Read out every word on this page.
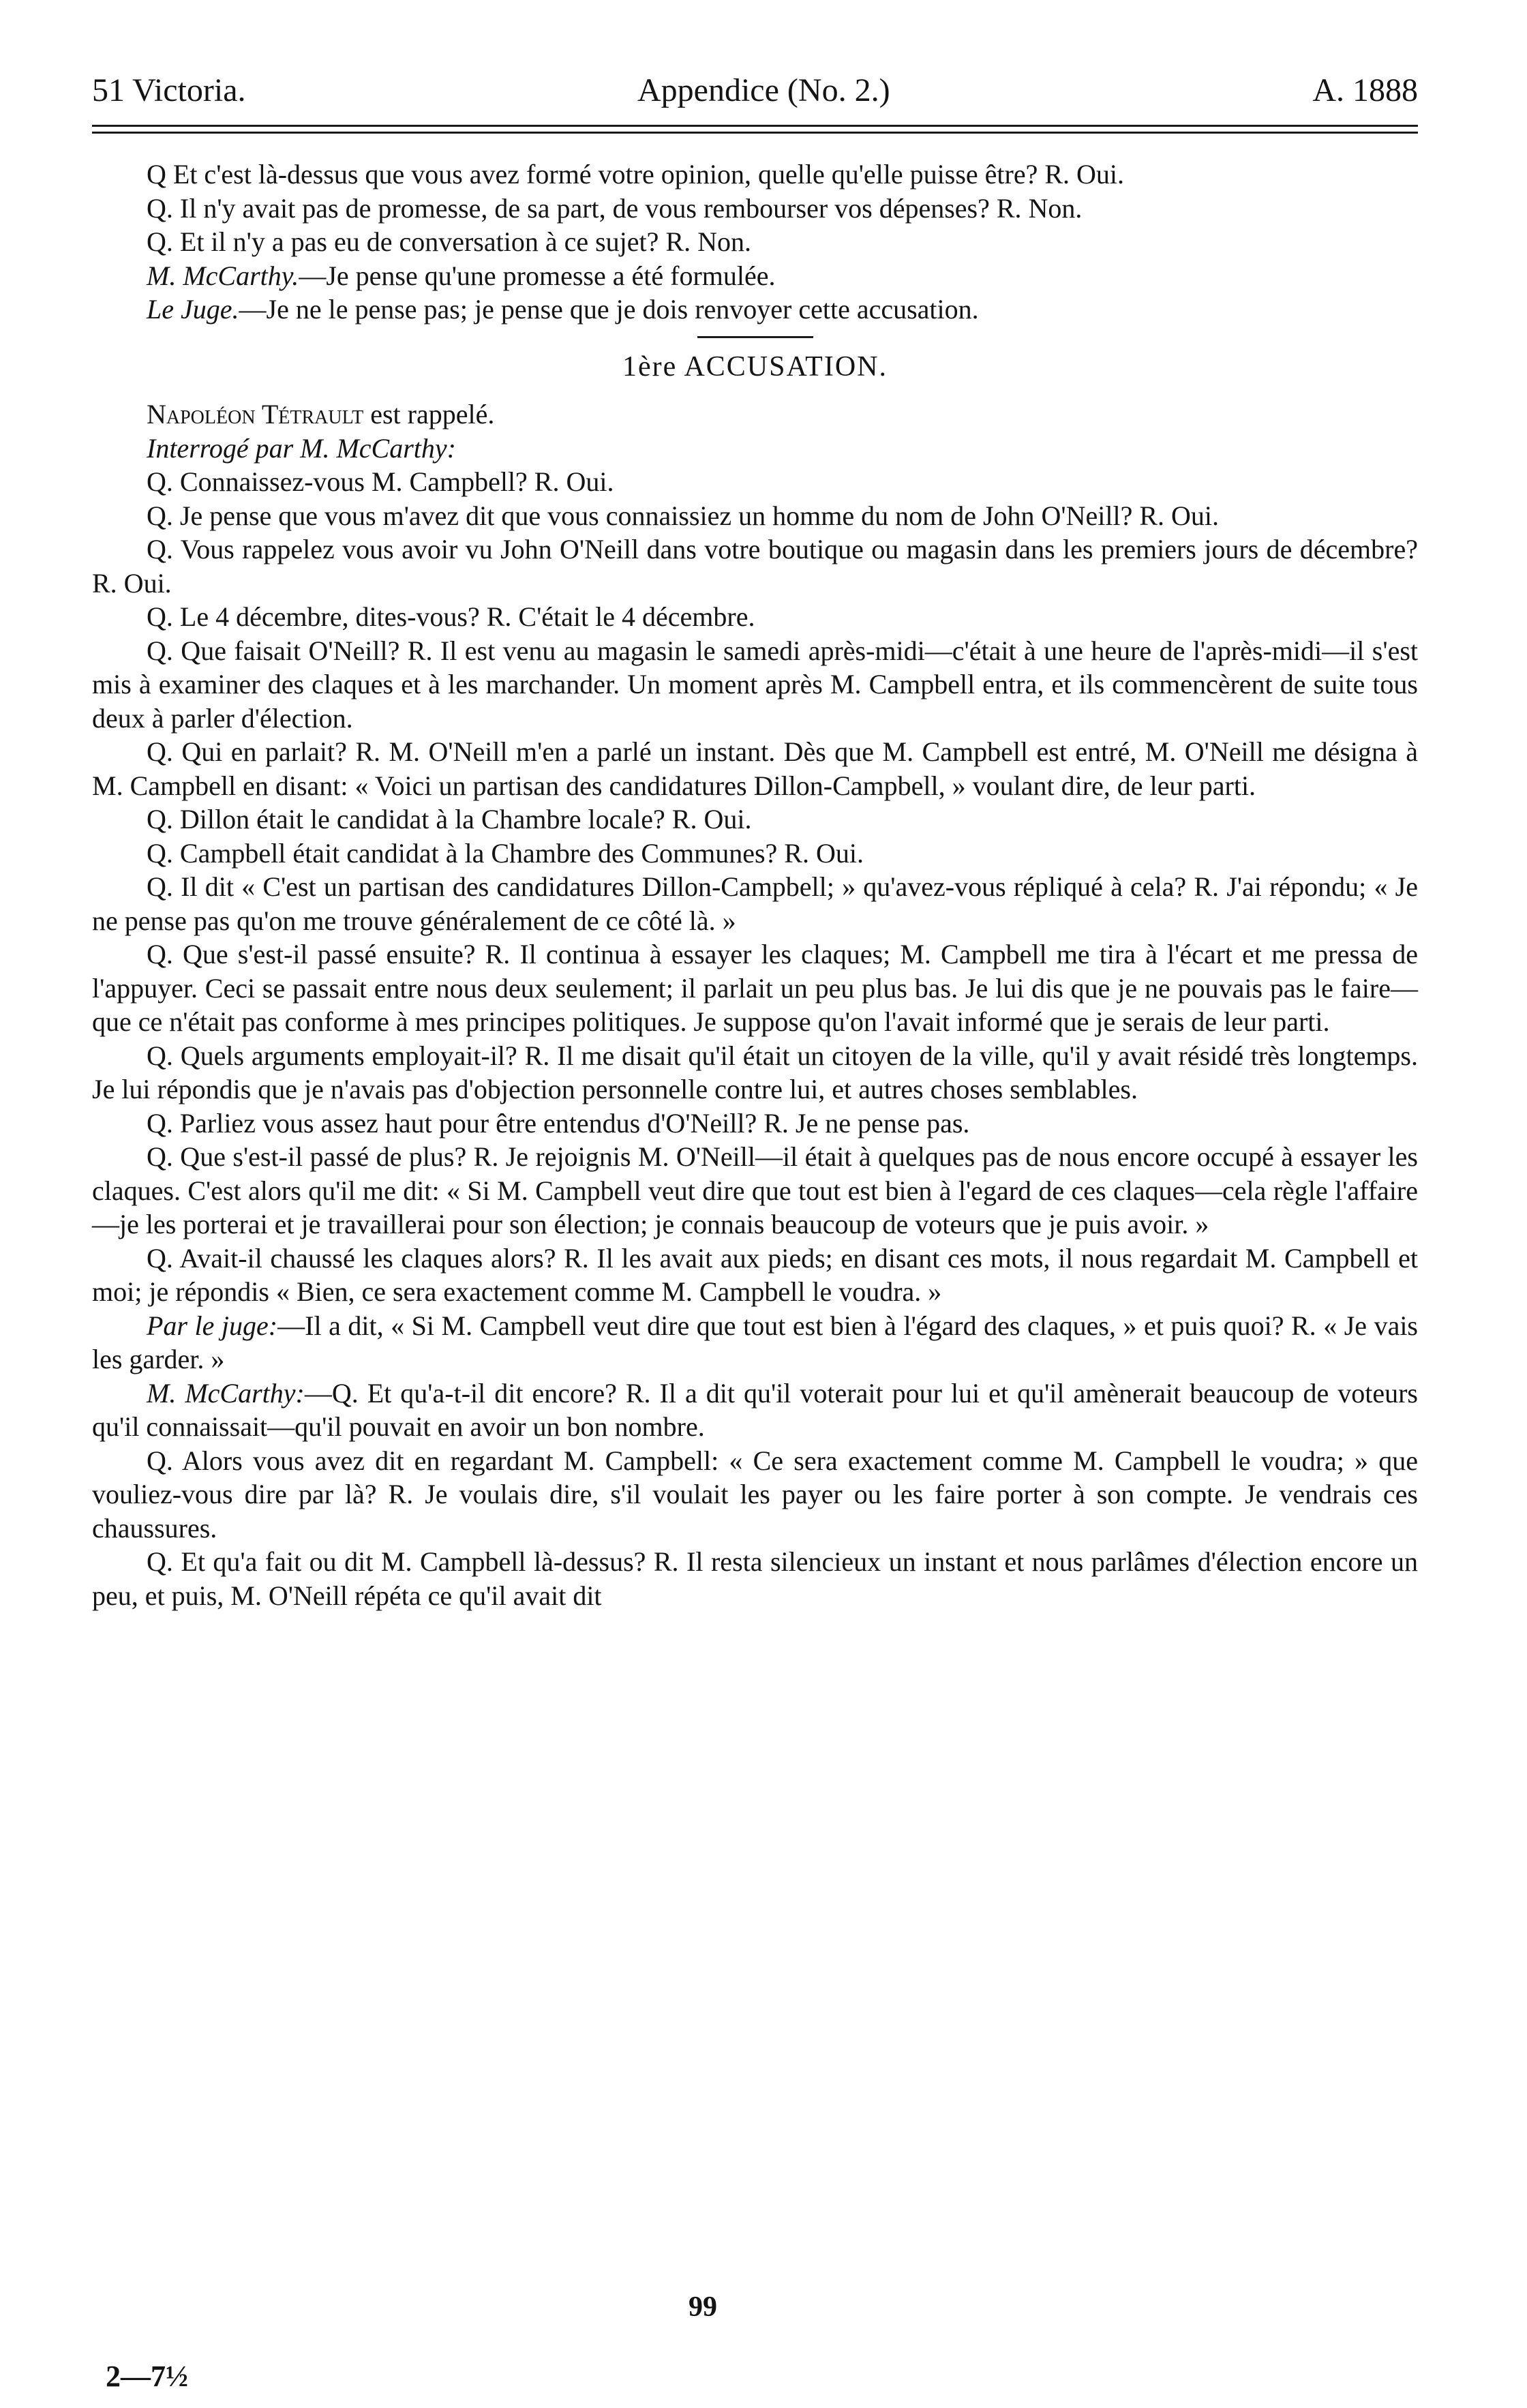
51 Victoria.	Appendice (No. 2.)	A. 1888

Q Et c'est là-dessus que vous avez formé votre opinion, quelle qu'elle puisse être? R. Oui.

Q. Il n'y avait pas de promesse, de sa part, de vous rembourser vos dépenses? R. Non.

Q. Et il n'y a pas eu de conversation à ce sujet? R. Non.

M. McCarthy.—Je pense qu'une promesse a été formulée.

Le Juge.—Je ne le pense pas; je pense que je dois renvoyer cette accusation.

1ère ACCUSATION.

Napoléon Tétrault est rappelé.

Interrogé par M. McCarthy:

Q. Connaissez-vous M. Campbell? R. Oui.

Q. Je pense que vous m'avez dit que vous connaissiez un homme du nom de John O'Neill? R. Oui.

Q. Vous rappelez vous avoir vu John O'Neill dans votre boutique ou magasin dans les premiers jours de décembre? R. Oui.

Q. Le 4 décembre, dites-vous? R. C'était le 4 décembre.

Q. Que faisait O'Neill? R. Il est venu au magasin le samedi après-midi—c'était à une heure de l'après-midi—il s'est mis à examiner des claques et à les marchander. Un moment après M. Campbell entra, et ils commencèrent de suite tous deux à parler d'élection.

Q. Qui en parlait? R. M. O'Neill m'en a parlé un instant. Dès que M. Campbell est entré, M. O'Neill me désigna à M. Campbell en disant: « Voici un partisan des candidatures Dillon-Campbell, » voulant dire, de leur parti.

Q. Dillon était le candidat à la Chambre locale? R. Oui.

Q. Campbell était candidat à la Chambre des Communes? R. Oui.

Q. Il dit « C'est un partisan des candidatures Dillon-Campbell; » qu'avez-vous répliqué à cela? R. J'ai répondu; « Je ne pense pas qu'on me trouve généralement de ce côté là. »

Q. Que s'est-il passé ensuite? R. Il continua à essayer les claques; M. Campbell me tira à l'écart et me pressa de l'appuyer. Ceci se passait entre nous deux seulement; il parlait un peu plus bas. Je lui dis que je ne pouvais pas le faire—que ce n'était pas conforme à mes principes politiques. Je suppose qu'on l'avait informé que je serais de leur parti.

Q. Quels arguments employait-il? R. Il me disait qu'il était un citoyen de la ville, qu'il y avait résidé très longtemps. Je lui répondis que je n'avais pas d'objection personnelle contre lui, et autres choses semblables.

Q. Parliez vous assez haut pour être entendus d'O'Neill? R. Je ne pense pas.

Q. Que s'est-il passé de plus? R. Je rejoignis M. O'Neill—il était à quelques pas de nous encore occupé à essayer les claques. C'est alors qu'il me dit: « Si M. Campbell veut dire que tout est bien à l'egard de ces claques—cela règle l'affaire—je les porterai et je travaillerai pour son élection; je connais beaucoup de voteurs que je puis avoir. »

Q. Avait-il chaussé les claques alors? R. Il les avait aux pieds; en disant ces mots, il nous regardait M. Campbell et moi; je répondis « Bien, ce sera exactement comme M. Campbell le voudra. »

Par le juge:—Il a dit, « Si M. Campbell veut dire que tout est bien à l'égard des claques, » et puis quoi? R. « Je vais les garder. »

M. McCarthy:—Q. Et qu'a-t-il dit encore? R. Il a dit qu'il voterait pour lui et qu'il amènerait beaucoup de voteurs qu'il connaissait—qu'il pouvait en avoir un bon nombre.

Q. Alors vous avez dit en regardant M. Campbell: « Ce sera exactement comme M. Campbell le voudra; » que vouliez-vous dire par là? R. Je voulais dire, s'il voulait les payer ou les faire porter à son compte. Je vendrais ces chaussures.

Q. Et qu'a fait ou dit M. Campbell là-dessus? R. Il resta silencieux un instant et nous parlâmes d'élection encore un peu, et puis, M. O'Neill répéta ce qu'il avait dit

99
2—7½
